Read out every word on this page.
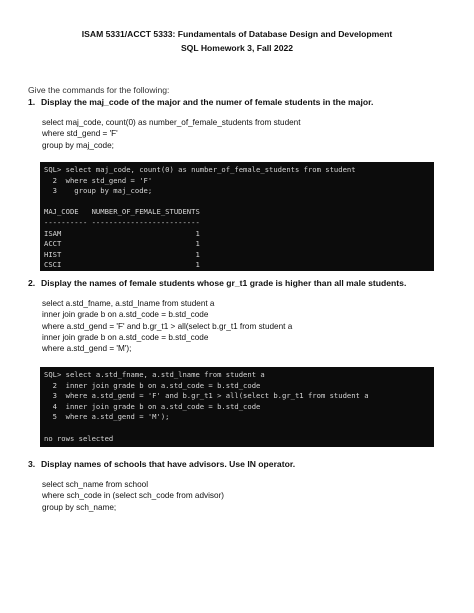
ISAM 5331/ACCT 5333: Fundamentals of Database Design and Development
SQL Homework 3, Fall 2022
Give the commands for the following:
1. Display the maj_code of the major and the numer of female students in the major.
select maj_code, count(0) as number_of_female_students from student
where std_gend = 'F'
group by maj_code;
SQL> select maj_code, count(0) as number_of_female_students from student
2  where std_gend = 'F'
3    group by maj_code;

MAJ_CODE   NUMBER_OF_FEMALE_STUDENTS
---------- -------------------------
ISAM                               1
ACCT                               1
HIST                               1
CSCI                               1
2. Display the names of female students whose gr_t1 grade is higher than all male students.
select a.std_fname, a.std_lname from student a
inner join grade b on a.std_code = b.std_code
where a.std_gend = 'F' and b.gr_t1 > all(select b.gr_t1 from student a
inner join grade b on a.std_code = b.std_code
where a.std_gend = 'M');
SQL> select a.std_fname, a.std_lname from student a
2  inner join grade b on a.std_code = b.std_code
3  where a.std_gend = 'F' and b.gr_t1 > all(select b.gr_t1 from student a
4  inner join grade b on a.std_code = b.std_code
5  where a.std_gend = 'M');

no rows selected
3. Display names of schools that have advisors. Use IN operator.
select sch_name from school
where sch_code in (select sch_code from advisor)
group by sch_name;
